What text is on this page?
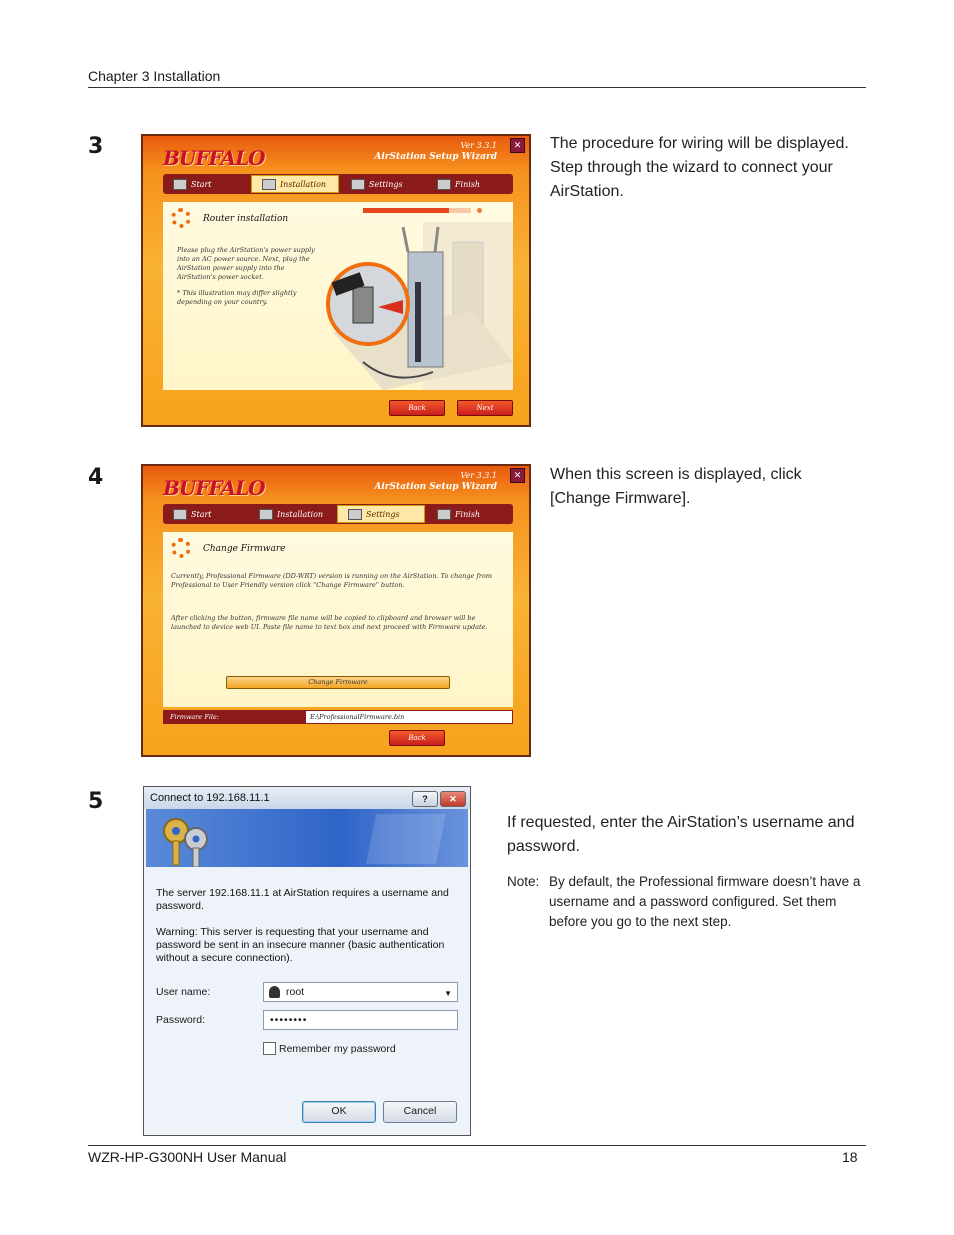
Chapter 3 Installation
3	BUFFALO
Ver 3.3.1
AirStation Setup Wizard
✕
Start	Installation	Settings	Finish
Router installation
Please plug the AirStation's power supply into an AC power source. Next, plug the AirStation power supply into the AirStation's power socket.
* This illustration may differ slightly depending on your country.
Back	Next
The procedure for wiring will be displayed. Step through the wizard to connect your AirStation.
4	BUFFALO
Ver 3.3.1
AirStation Setup Wizard
✕
Start	Installation	Settings	Finish
Change Firmware
Currently, Professional Firmware (DD-WRT) version is running on the AirStation. To change from Professional to User Friendly version click "Change Firmware" button.
After clicking the button, firmware file name will be copied to clipboard and browser will be launched to device web UI. Paste file name to text box and next proceed with Firmware update.
Change Firmware
Firmware File:	E:\ProfessionalFirmware.bin
Back
When this screen is displayed, click [Change Firmware].
5	Connect to 192.168.11.1	?	✕
The server 192.168.11.1 at AirStation requires a username and password.
Warning: This server is requesting that your username and password be sent in an insecure manner (basic authentication without a secure connection).
User name:	root	▼
Password:	••••••••
Remember my password
OK	Cancel
If requested, enter the AirStation’s username and password.
Note: By default, the Professional firmware doesn’t have a username and a password configured. Set them before you go to the next step.
WZR-HP-G300NH User Manual	18
